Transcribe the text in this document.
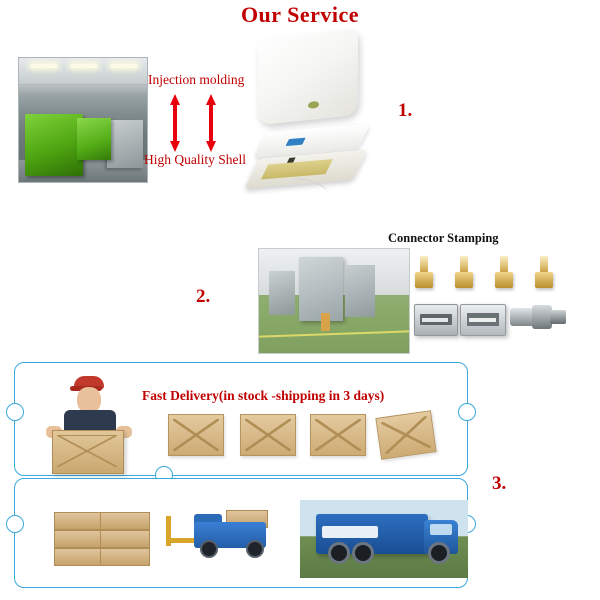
Our Service
Injection molding
High Quality Shell
1.
2.
Connector Stamping
Fast Delivery(in stock -shipping in 3 days)
3.
